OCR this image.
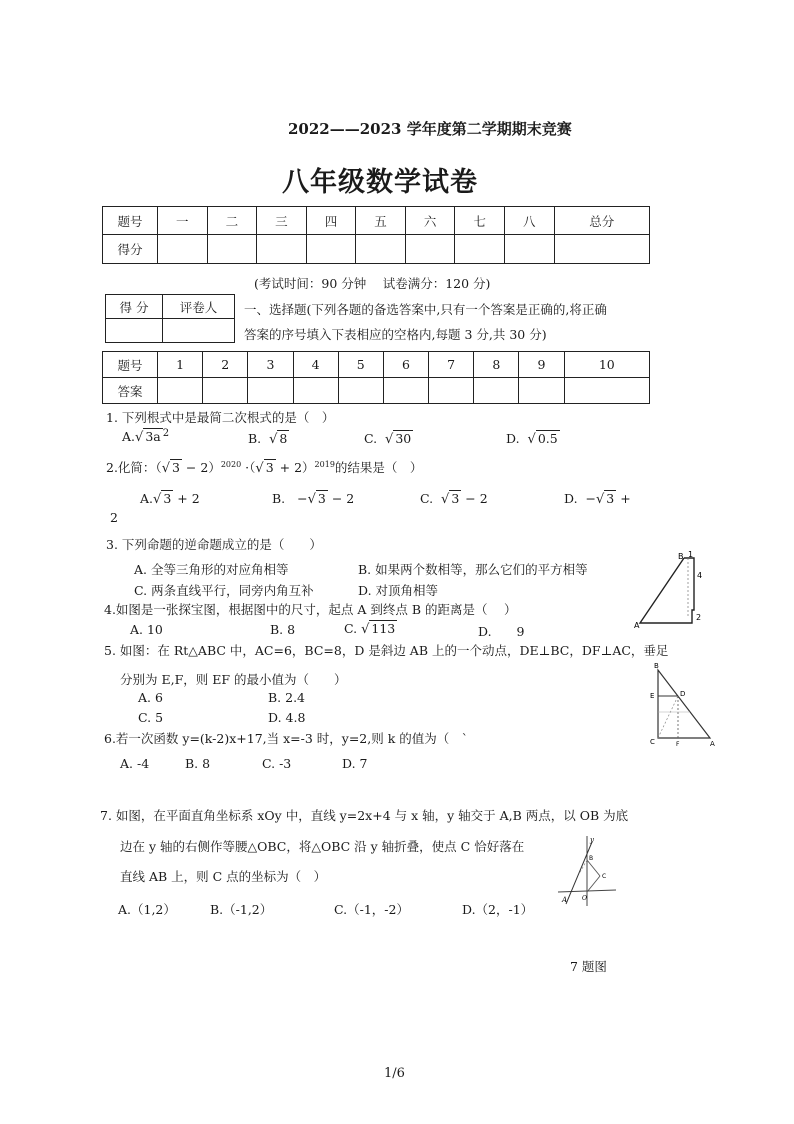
2022——2023 学年度第二学期期末竞赛
八年级数学试卷
题号	一	二	三	四	五	六	七	八	总分
得分									
(考试时间：90 分钟　 试卷满分：120 分)
得 分	评卷人
	一、选择题(下列各题的备选答案中,只有一个答案是正确的,将正确
答案的序号填入下表相应的空格内,每题 3 分,共 30 分)
题号	1	2	3	4	5	6	7	8	9	10
答案										
1. 下列根式中是最简二次根式的是（　）
A.√ 3a $^2$	B. √ 8	C. √ 30	D. √ 0.5
2.化简：（√ 3 − 2）$^{2020}$ ·（√ 3 + 2）$^{2019}$的结果是（　）
A.√ 3 + 2	B. −√ 3 − 2	C. √ 3 − 2	D. −√ 3 +
2
3. 下列命题的逆命题成立的是（　　）
A. 全等三角形的对应角相等	B. 如果两个数相等，那么它们的平方相等
C. 两条直线平行，同旁内角互补	D. 对顶角相等
4.如图是一张探宝图，根据图中的尺寸，起点 A 到终点 B 的距离是（　 ）
A. 10	B. 8	C. √ 113	D.　　9
B 1
4
2
A
5. 如图：在 Rt△ABC 中，AC=6，BC=8，D 是斜边 AB 上的一个动点，DE⊥BC，DF⊥AC，垂足
分别为 E,F，则 EF 的最小值为（　　）
A. 6	B. 2.4
C. 5	D. 4.8
B
E	D
C	F	A
6.若一次函数 y=(k-2)x+17,当 x=-3 时，y=2,则 k 的值为（　`
A. -4	B. 8	C. -3	D. 7
7. 如图，在平面直角坐标系 xOy 中，直线 y=2x+4 与 x 轴，y 轴交于 A,B 两点，以 OB 为底
边在 y 轴的右侧作等腰△OBC，将△OBC 沿 y 轴折叠，使点 C 恰好落在
直线 AB 上，则 C 点的坐标为（　）
A.（1,2）	B.（-1,2）	C.（-1，-2）	D.（2，-1）
y
B
C
A O
7 题图
1/6
